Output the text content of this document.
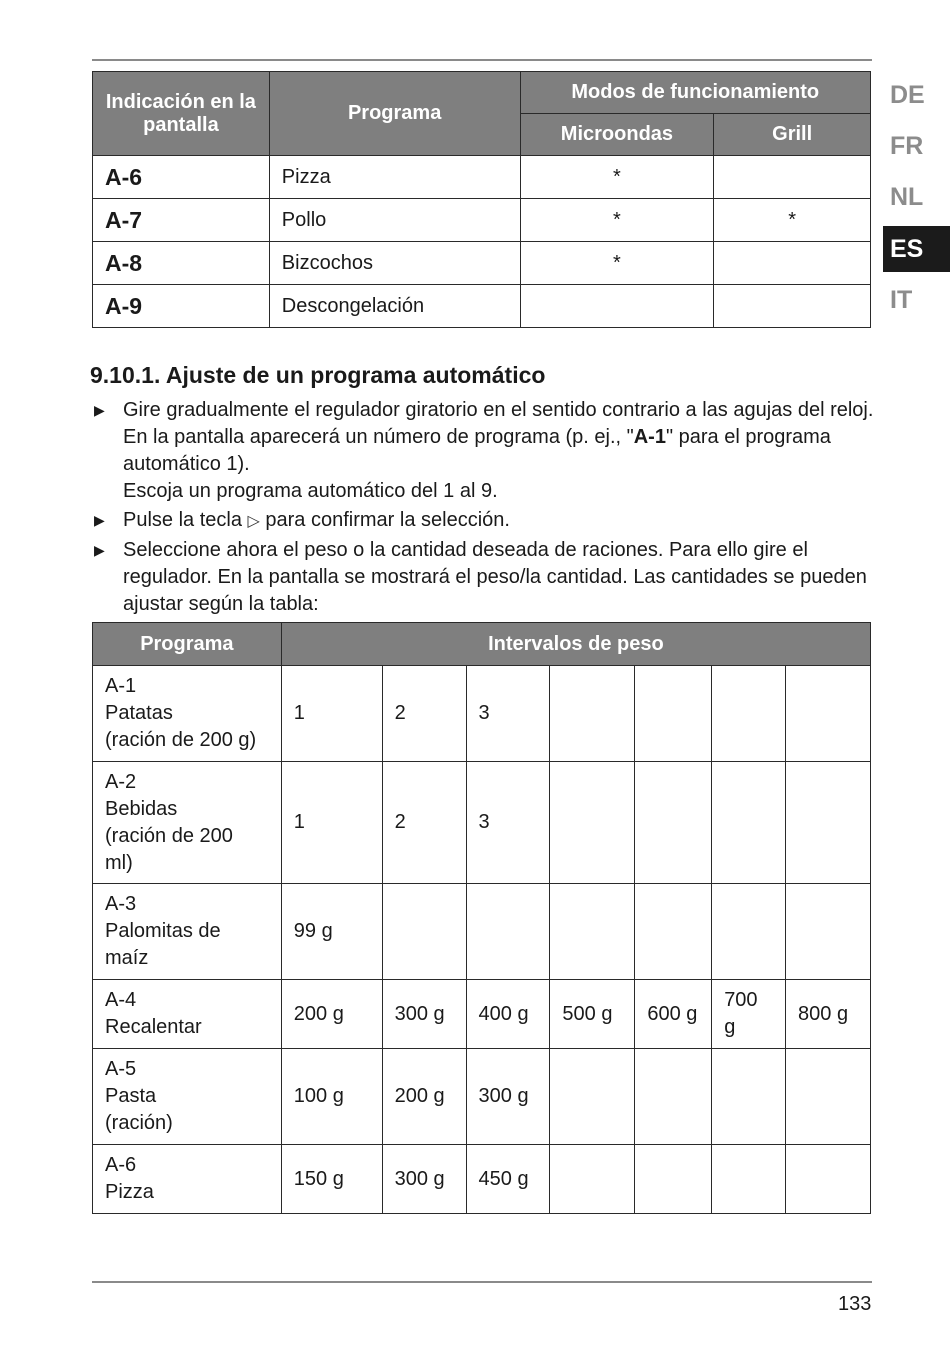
DE
FR
NL
ES
IT
Indicación en la pantalla	Programa	Modos de funcionamiento	
		Microondas	Grill
A-6	Pizza	*	
A-7	Pollo	*	*
A-8	Bizcochos	*	
A-9	Descongelación		
9.10.1. Ajuste de un programa automático
▶ Gire gradualmente el regulador giratorio en el sentido contrario a las agujas del reloj. En la pantalla aparecerá un número de programa (p. ej., "A-1" para el programa automático 1).
Escoja un programa automático del 1 al 9.
▶ Pulse la tecla ▷ para confirmar la selección.
▶ Seleccione ahora el peso o la cantidad deseada de raciones. Para ello gire el regulador. En la pantalla se mostrará el peso/la cantidad. Las cantidades se pueden ajustar según la tabla:
Programa	Intervalos de peso						

A-1
Patatas
(ración de 200 g)	1	2	3				

A-2
Bebidas
(ración de 200
ml)	1	2	3				

A-3
Palomitas de
maíz	99 g						

A-4
Recalentar	200 g	300 g	400 g	500 g	600 g	700 g	800 g

A-5
Pasta
(ración)	100 g	200 g	300 g				

A-6
Pizza	150 g	300 g	450 g				
133
